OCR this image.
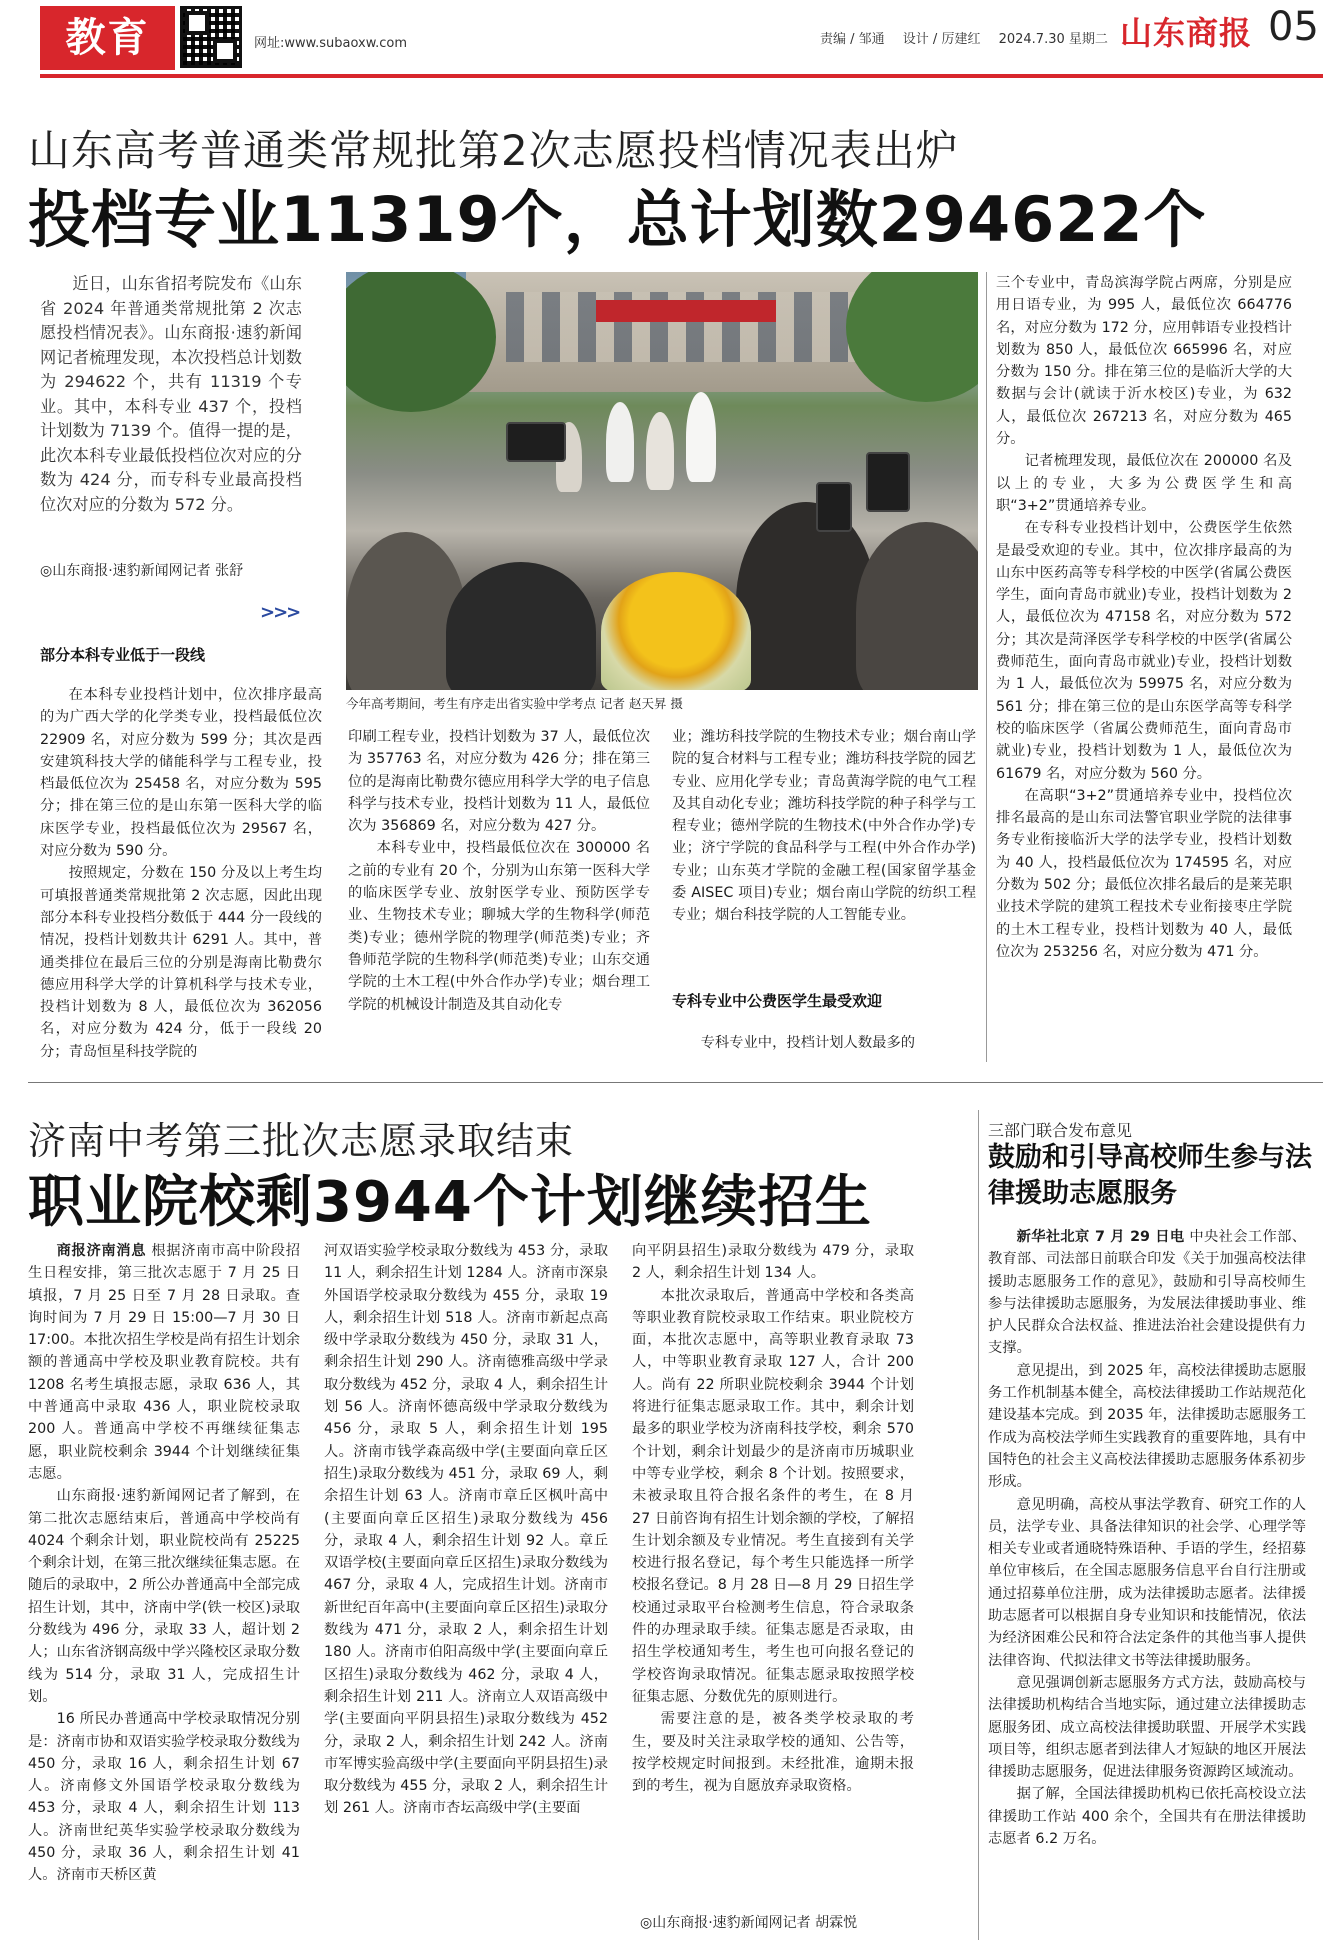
教育	网址:www.subaoxw.com	责编 / 邹通 设计 / 厉建红 2024.7.30 星期二 山东商报 05
山东高考普通类常规批第2次志愿投档情况表出炉
投档专业11319个，总计划数294622个

近日，山东省招考院发布《山东省 2024 年普通类常规批第 2 次志愿投档情况表》。山东商报·速豹新闻网记者梳理发现，本次投档总计划数为 294622 个，共有 11319 个专业。其中，本科专业 437 个，投档计划数为 7139 个。值得一提的是，此次本科专业最低投档位次对应的分数为 424 分，而专科专业最高投档位次对应的分数为 572 分。

◎山东商报·速豹新闻网记者 张舒
>>>
部分本科专业低于一段线
今年高考期间，考生有序走出省实验中学考点 记者 赵天昇 摄

在本科专业投档计划中，位次排序最高的为广西大学的化学类专业，投档最低位次 22909 名，对应分数为 599 分；其次是西安建筑科技大学的储能科学与工程专业，投档最低位次为 25458 名，对应分数为 595 分；排在第三位的是山东第一医科大学的临床医学专业，投档最低位次为 29567 名，对应分数为 590 分。

按照规定，分数在 150 分及以上考生均可填报普通类常规批第 2 次志愿，因此出现部分本科专业投档分数低于 444 分一段线的情况，投档计划数共计 6291 人。其中，普通类排位在最后三位的分别是海南比勒费尔德应用科学大学的计算机科学与技术专业，投档计划数为 8 人，最低位次为 362056 名，对应分数为 424 分，低于一段线 20 分；青岛恒星科技学院的

印刷工程专业，投档计划数为 37 人，最低位次为 357763 名，对应分数为 426 分；排在第三位的是海南比勒费尔德应用科学大学的电子信息科学与技术专业，投档计划数为 11 人，最低位次为 356869 名，对应分数为 427 分。

本科专业中，投档最低位次在 300000 名之前的专业有 20 个，分别为山东第一医科大学的临床医学专业、放射医学专业、预防医学专业、生物技术专业；聊城大学的生物科学(师范类)专业；德州学院的物理学(师范类)专业；齐鲁师范学院的生物科学(师范类)专业；山东交通学院的土木工程(中外合作办学)专业；烟台理工学院的机械设计制造及其自动化专

业；潍坊科技学院的生物技术专业；烟台南山学院的复合材料与工程专业；潍坊科技学院的园艺专业、应用化学专业；青岛黄海学院的电气工程及其自动化专业；潍坊科技学院的种子科学与工程专业；德州学院的生物技术(中外合作办学)专业；济宁学院的食品科学与工程(中外合作办学)专业；山东英才学院的金融工程(国家留学基金委 AISEC 项目)专业；烟台南山学院的纺织工程专业；烟台科技学院的人工智能专业。

专科专业中公费医学生最受欢迎

专科专业中，投档计划人数最多的

三个专业中，青岛滨海学院占两席，分别是应用日语专业，为 995 人，最低位次 664776 名，对应分数为 172 分，应用韩语专业投档计划数为 850 人，最低位次 665996 名，对应分数为 150 分。排在第三位的是临沂大学的大数据与会计(就读于沂水校区)专业，为 632 人，最低位次 267213 名，对应分数为 465 分。

记者梳理发现，最低位次在 200000 名及以上的专业，大多为公费医学生和高职“3+2”贯通培养专业。

在专科专业投档计划中，公费医学生依然是最受欢迎的专业。其中，位次排序最高的为山东中医药高等专科学校的中医学(省属公费医学生，面向青岛市就业)专业，投档计划数为 2 人，最低位次为 47158 名，对应分数为 572 分；其次是菏泽医学专科学校的中医学(省属公费师范生，面向青岛市就业)专业，投档计划数为 1 人，最低位次为 59975 名，对应分数为 561 分；排在第三位的是山东医学高等专科学校的临床医学（省属公费师范生，面向青岛市就业)专业，投档计划数为 1 人，最低位次为 61679 名，对应分数为 560 分。

在高职“3+2”贯通培养专业中，投档位次排名最高的是山东司法警官职业学院的法律事务专业衔接临沂大学的法学专业，投档计划数为 40 人，投档最低位次为 174595 名，对应分数为 502 分；最低位次排名最后的是莱芜职业技术学院的建筑工程技术专业衔接枣庄学院的土木工程专业，投档计划数为 40 人，最低位次为 253256 名，对应分数为 471 分。

济南中考第三批次志愿录取结束
职业院校剩3944个计划继续招生

商报济南消息 根据济南市高中阶段招生日程安排，第三批次志愿于 7 月 25 日填报，7 月 25 日至 7 月 28 日录取。查询时间为 7 月 29 日 15:00—7 月 30 日 17:00。本批次招生学校是尚有招生计划余额的普通高中学校及职业教育院校。共有 1208 名考生填报志愿，录取 636 人，其中普通高中录取 436 人，职业院校录取 200 人。普通高中学校不再继续征集志愿，职业院校剩余 3944 个计划继续征集志愿。

山东商报·速豹新闻网记者了解到，在第二批次志愿结束后，普通高中学校尚有 4024 个剩余计划，职业院校尚有 25225 个剩余计划，在第三批次继续征集志愿。在随后的录取中，2 所公办普通高中全部完成招生计划，其中，济南中学(铁一校区)录取分数线为 496 分，录取 33 人，超计划 2 人；山东省济钢高级中学兴隆校区录取分数线为 514 分，录取 31 人，完成招生计划。

16 所民办普通高中学校录取情况分别是：济南市协和双语实验学校录取分数线为 450 分，录取 16 人，剩余招生计划 67 人。济南修文外国语学校录取分数线为 453 分，录取 4 人，剩余招生计划 113 人。济南世纪英华实验学校录取分数线为 450 分，录取 36 人，剩余招生计划 41 人。济南市天桥区黄

河双语实验学校录取分数线为 453 分，录取 11 人，剩余招生计划 1284 人。济南市深泉外国语学校录取分数线为 455 分，录取 19 人，剩余招生计划 518 人。济南市新起点高级中学录取分数线为 450 分，录取 31 人，剩余招生计划 290 人。济南德雅高级中学录取分数线为 452 分，录取 4 人，剩余招生计划 56 人。济南怀德高级中学录取分数线为 456 分，录取 5 人，剩余招生计划 195 人。济南市钱学森高级中学(主要面向章丘区招生)录取分数线为 451 分，录取 69 人，剩余招生计划 63 人。济南市章丘区枫叶高中(主要面向章丘区招生)录取分数线为 456 分，录取 4 人，剩余招生计划 92 人。章丘双语学校(主要面向章丘区招生)录取分数线为 467 分，录取 4 人，完成招生计划。济南市新世纪百年高中(主要面向章丘区招生)录取分数线为 471 分，录取 2 人，剩余招生计划 180 人。济南市伯阳高级中学(主要面向章丘区招生)录取分数线为 462 分，录取 4 人，剩余招生计划 211 人。济南立人双语高级中学(主要面向平阴县招生)录取分数线为 452 分，录取 2 人，剩余招生计划 242 人。济南市军博实验高级中学(主要面向平阴县招生)录取分数线为 455 分，录取 2 人，剩余招生计划 261 人。济南市杏坛高级中学(主要面

向平阴县招生)录取分数线为 479 分，录取 2 人，剩余招生计划 134 人。

本批次录取后，普通高中学校和各类高等职业教育院校录取工作结束。职业院校方面，本批次志愿中，高等职业教育录取 73 人，中等职业教育录取 127 人，合计 200 人。尚有 22 所职业院校剩余 3944 个计划将进行征集志愿录取工作。其中，剩余计划最多的职业学校为济南科技学校，剩余 570 个计划，剩余计划最少的是济南市历城职业中等专业学校，剩余 8 个计划。按照要求，未被录取且符合报名条件的考生，在 8 月 27 日前咨询有招生计划余额的学校，了解招生计划余额及专业情况。考生直接到有关学校进行报名登记，每个考生只能选择一所学校报名登记。8 月 28 日—8 月 29 日招生学校通过录取平台检测考生信息，符合录取条件的办理录取手续。征集志愿是否录取，由招生学校通知考生，考生也可向报名登记的学校咨询录取情况。征集志愿录取按照学校征集志愿、分数优先的原则进行。

需要注意的是，被各类学校录取的考生，要及时关注录取学校的通知、公告等，按学校规定时间报到。未经批准，逾期未报到的考生，视为自愿放弃录取资格。

◎山东商报·速豹新闻网记者 胡霖悦
三部门联合发布意见
鼓励和引导高校师生参与法律援助志愿服务

新华社北京 7 月 29 日电 中央社会工作部、教育部、司法部日前联合印发《关于加强高校法律援助志愿服务工作的意见》，鼓励和引导高校师生参与法律援助志愿服务，为发展法律援助事业、维护人民群众合法权益、推进法治社会建设提供有力支撑。

意见提出，到 2025 年，高校法律援助志愿服务工作机制基本健全，高校法律援助工作站规范化建设基本完成。到 2035 年，法律援助志愿服务工作成为高校法学师生实践教育的重要阵地，具有中国特色的社会主义高校法律援助志愿服务体系初步形成。

意见明确，高校从事法学教育、研究工作的人员，法学专业、具备法律知识的社会学、心理学等相关专业或者通晓特殊语种、手语的学生，经招募单位审核后，在全国志愿服务信息平台自行注册或通过招募单位注册，成为法律援助志愿者。法律援助志愿者可以根据自身专业知识和技能情况，依法为经济困难公民和符合法定条件的其他当事人提供法律咨询、代拟法律文书等法律援助服务。

意见强调创新志愿服务方式方法，鼓励高校与法律援助机构结合当地实际，通过建立法律援助志愿服务团、成立高校法律援助联盟、开展学术实践项目等，组织志愿者到法律人才短缺的地区开展法律援助志愿服务，促进法律服务资源跨区域流动。

据了解，全国法律援助机构已依托高校设立法律援助工作站 400 余个，全国共有在册法律援助志愿者 6.2 万名。
